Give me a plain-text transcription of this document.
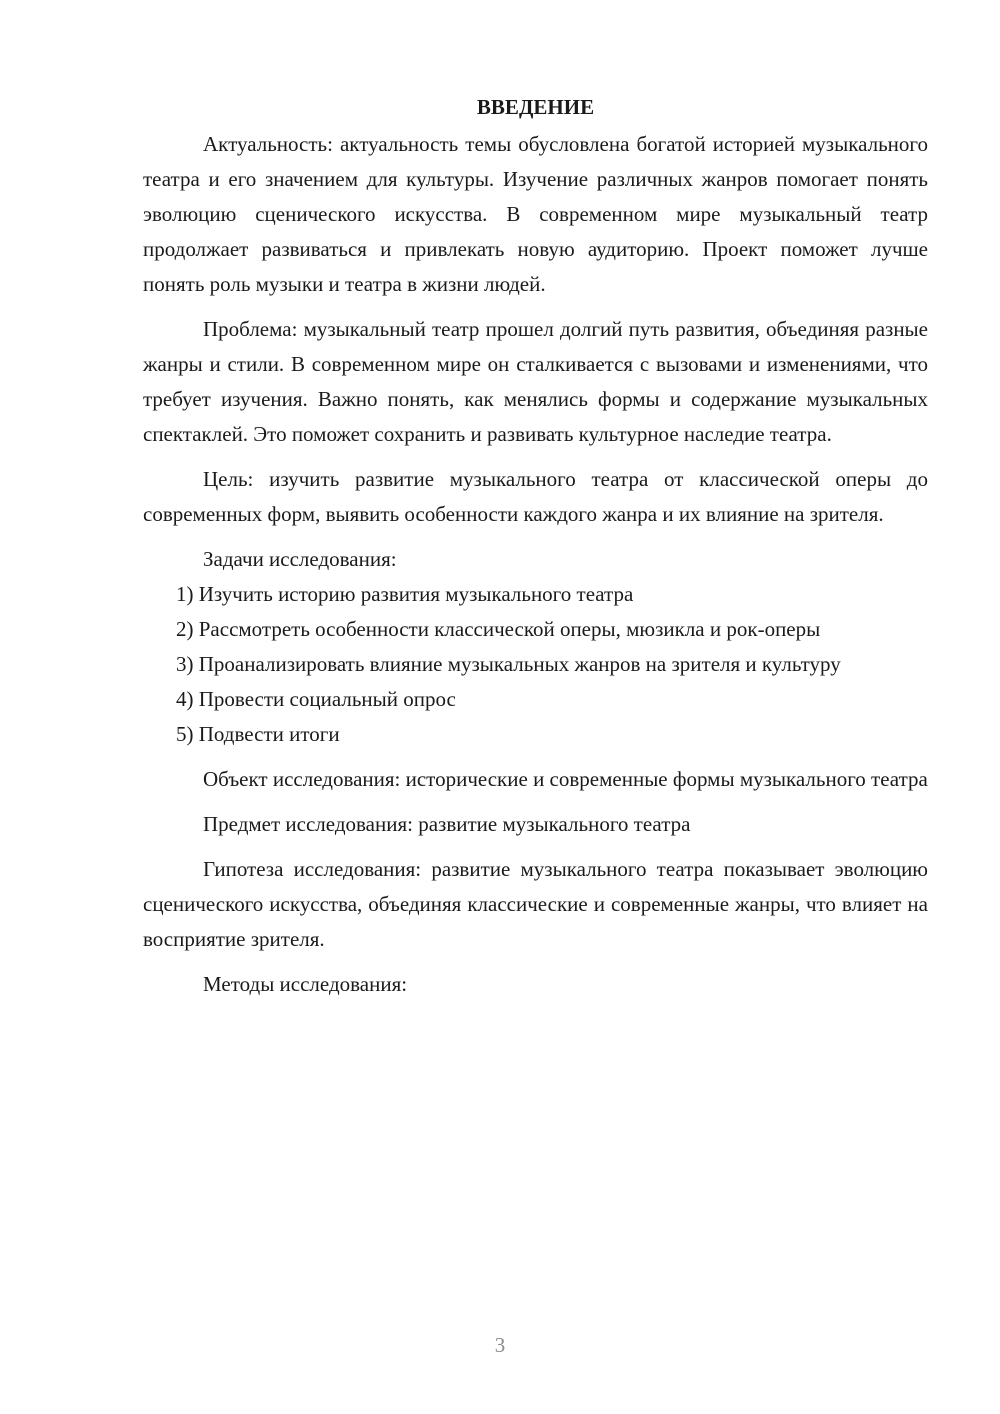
ВВЕДЕНИЕ

Актуальность: актуальность темы обусловлена богатой историей музыкального театра и его значением для культуры. Изучение различных жанров помогает понять эволюцию сценического искусства. В современном мире музыкальный театр продолжает развиваться и привлекать новую аудиторию. Проект поможет лучше понять роль музыки и театра в жизни людей.

Проблема: музыкальный театр прошел долгий путь развития, объединяя разные жанры и стили. В современном мире он сталкивается с вызовами и изменениями, что требует изучения. Важно понять, как менялись формы и содержание музыкальных спектаклей. Это поможет сохранить и развивать культурное наследие театра.

Цель: изучить развитие музыкального театра от классической оперы до современных форм, выявить особенности каждого жанра и их влияние на зрителя.

Задачи исследования:

1) Изучить историю развития музыкального театра

2) Рассмотреть особенности классической оперы, мюзикла и рок-оперы

3) Проанализировать влияние музыкальных жанров на зрителя и культуру

4) Провести социальный опрос

5) Подвести итоги

Объект исследования: исторические и современные формы музыкального театра

Предмет исследования: развитие музыкального театра

Гипотеза исследования: развитие музыкального театра показывает эволюцию сценического искусства, объединяя классические и современные жанры, что влияет на восприятие зрителя.

Методы исследования:

3
